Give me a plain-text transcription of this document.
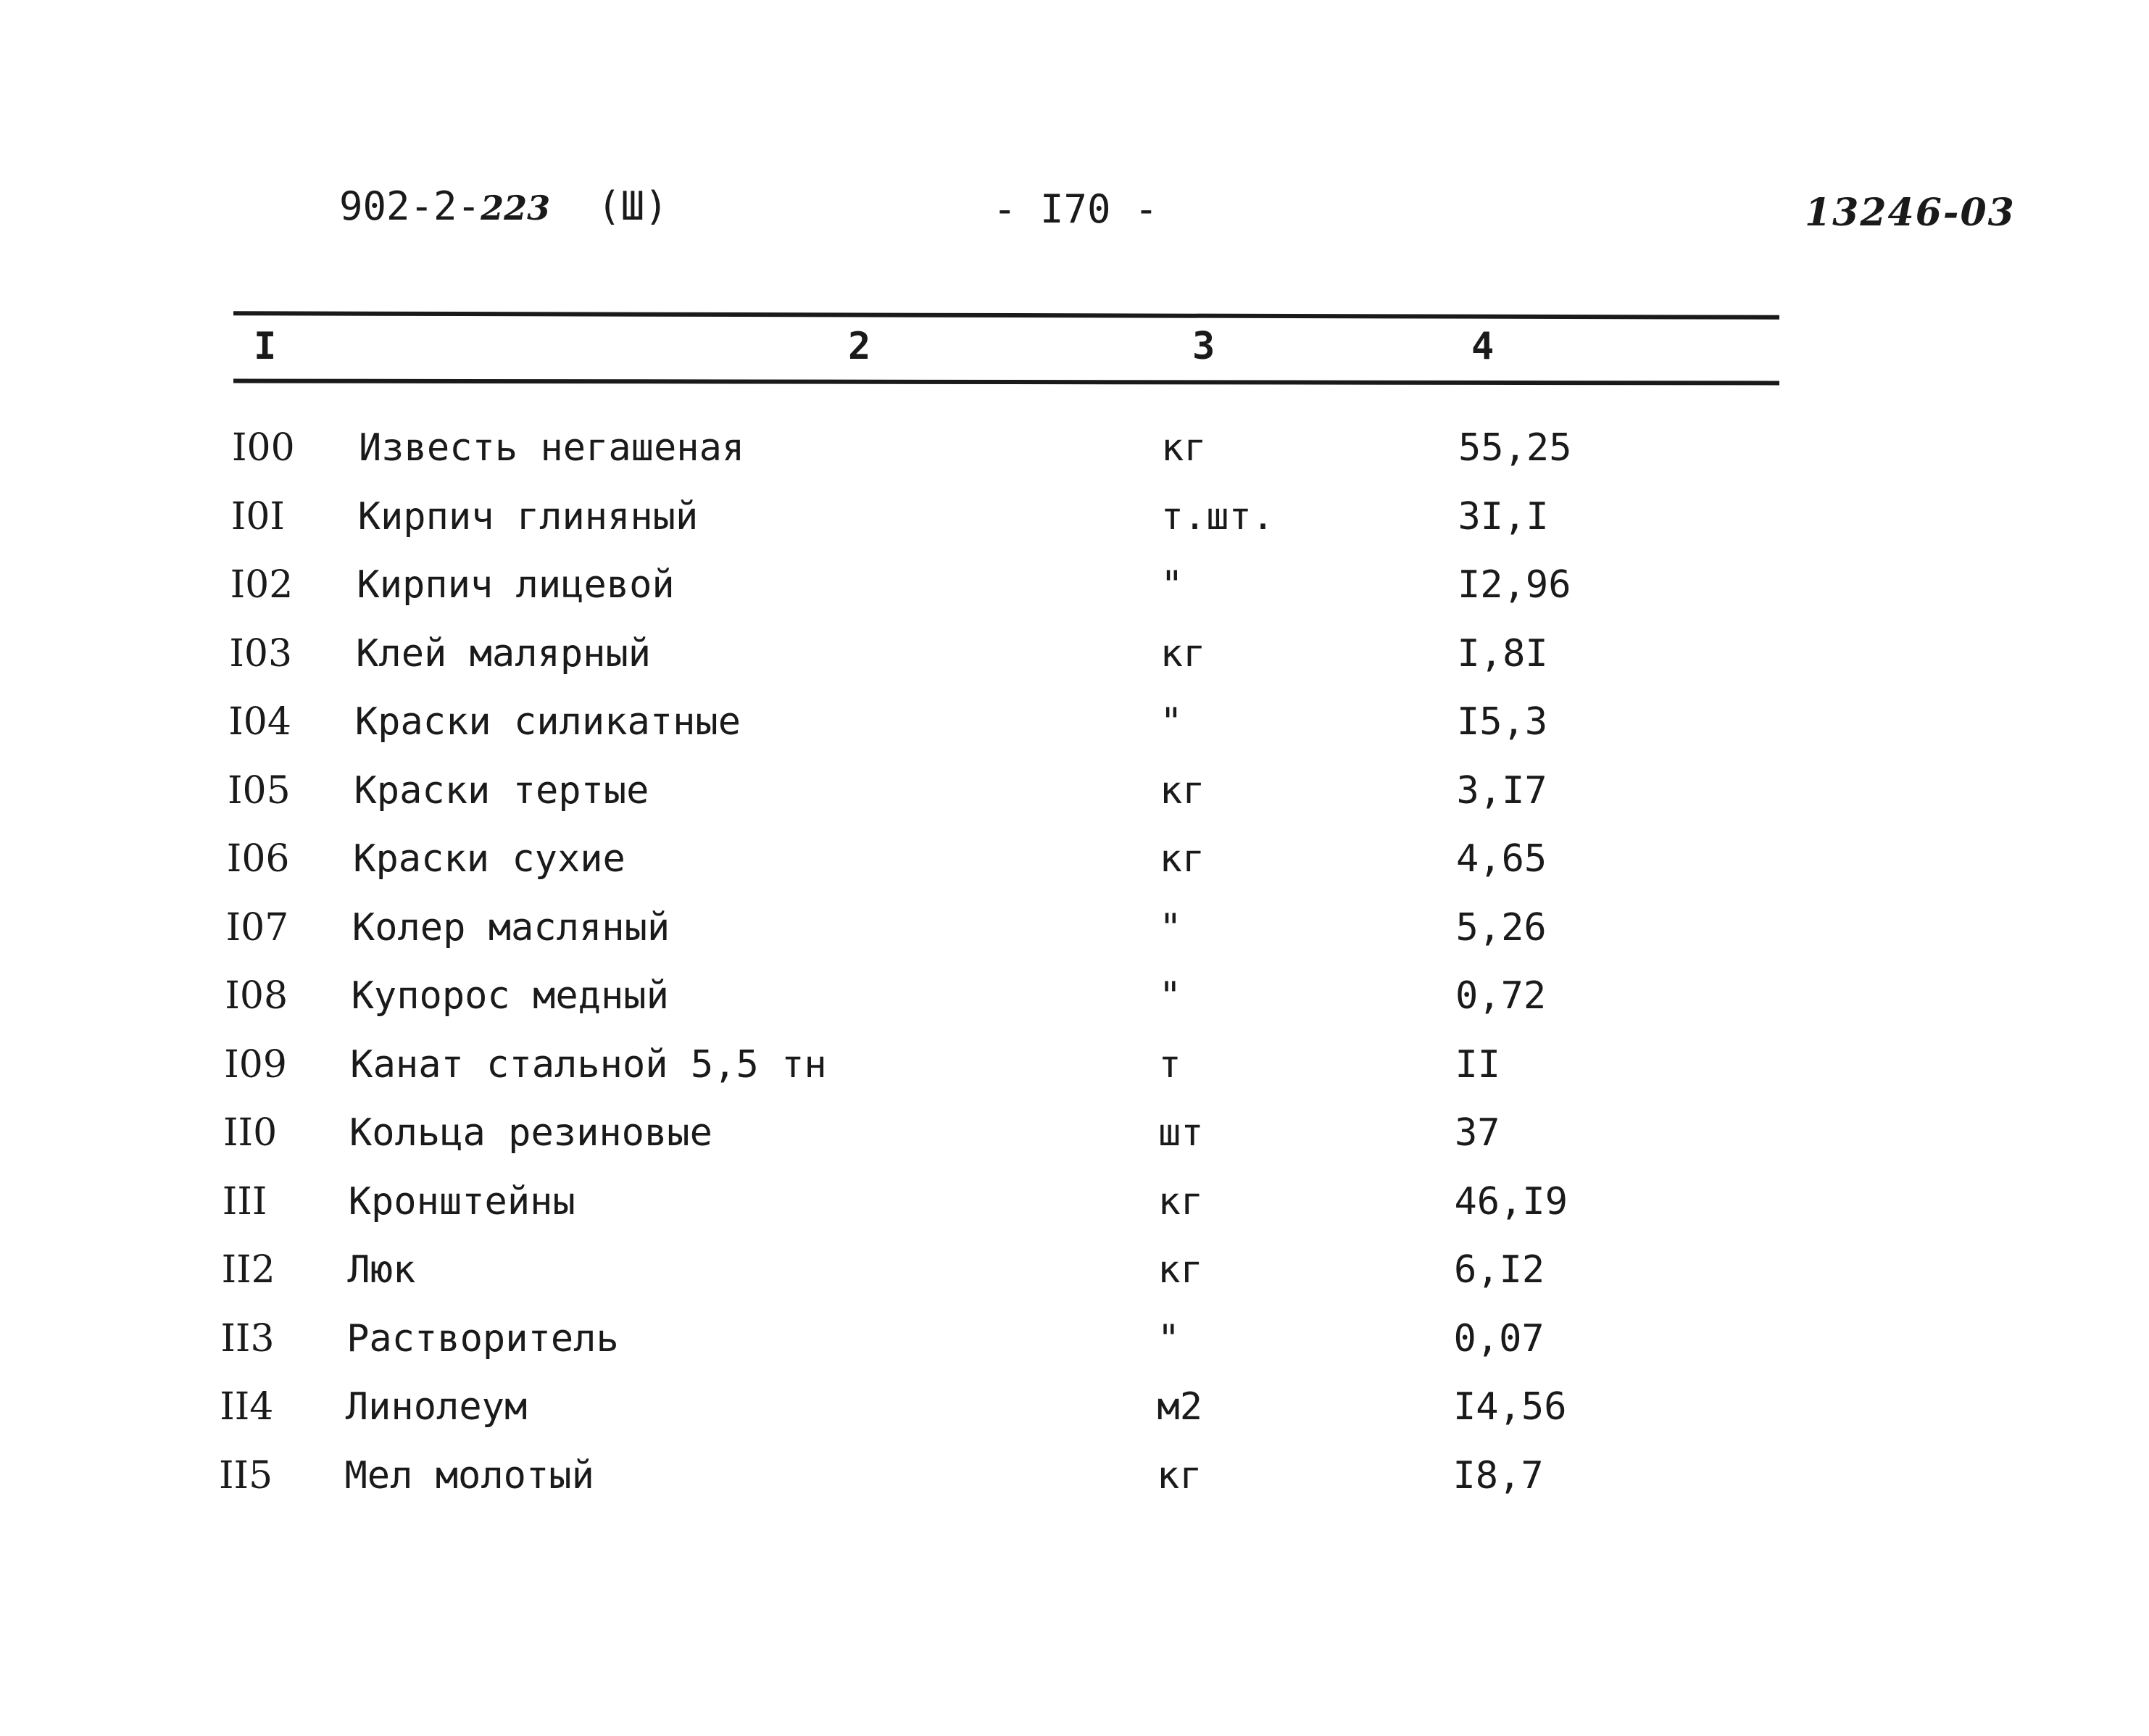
902-2-223 (Ш)	- I70 -	13246-03
I	2	3	4
I00 Известь негашеная	кг	55,25
I0I Кирпич глиняный	т.шт.	3I,I
I02 Кирпич лицевой	"	I2,96
I03 Клей малярный	кг	I,8I
I04 Краски силикатные	"	I5,3
I05 Краски тертые	кг	3,I7
I06 Краски сухие	кг	4,65
I07 Колер масляный	"	5,26
I08 Купорос медный	"	0,72
I09 Канат стальной 5,5 тн	т	II
II0 Кольца резиновые	шт	37
III Кронштейны	кг	46,I9
II2 Люк	кг	6,I2
II3 Растворитель	"	0,07
II4 Линолеум	м2	I4,56
II5 Мел молотый	кг	I8,7
